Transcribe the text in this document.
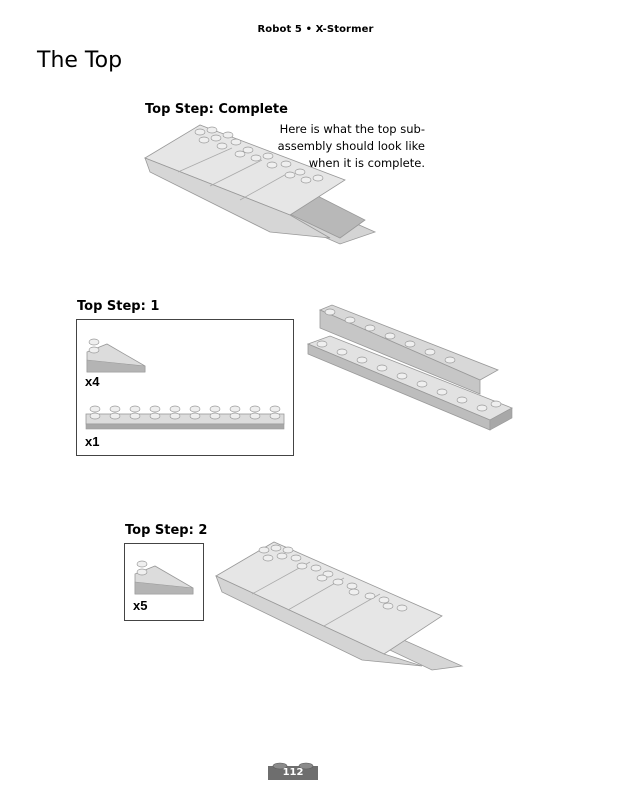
Robot 5 • X-Stormer
The Top
Top Step: Complete
Here is what the top sub-assembly should look like when it is complete.
Top Step: 1
x4
x1
Top Step: 2
x5
112
